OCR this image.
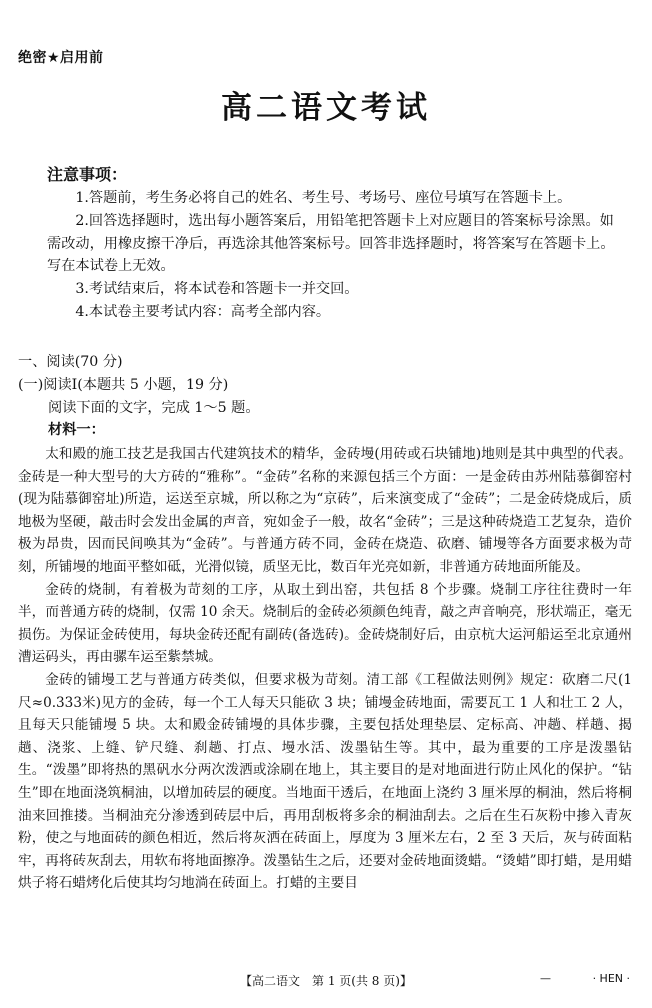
绝密★启用前
高二语文考试
注意事项：

1.答题前，考生务必将自己的姓名、考生号、考场号、座位号填写在答题卡上。

2.回答选择题时，选出每小题答案后，用铅笔把答题卡上对应题目的答案标号涂黑。如需改动，用橡皮擦干净后，再选涂其他答案标号。回答非选择题时，将答案写在答题卡上。写在本试卷上无效。

3.考试结束后，将本试卷和答题卡一并交回。

4.本试卷主要考试内容：高考全部内容。

一、阅读(70 分)

(一)阅读Ⅰ(本题共 5 小题，19 分)

阅读下面的文字，完成 1～5 题。

材料一：

太和殿的施工技艺是我国古代建筑技术的精华，金砖墁(用砖或石块铺地)地则是其中典型的代表。金砖是一种大型号的大方砖的“雅称”。“金砖”名称的来源包括三个方面：一是金砖由苏州陆慕御窑村(现为陆慕御窑址)所造，运送至京城，所以称之为“京砖”，后来演变成了“金砖”；二是金砖烧成后，质地极为坚硬，敲击时会发出金属的声音，宛如金子一般，故名“金砖”；三是这种砖烧造工艺复杂，造价极为昂贵，因而民间唤其为“金砖”。与普通方砖不同，金砖在烧造、砍磨、铺墁等各方面要求极为苛刻，所铺墁的地面平整如砥，光滑似镜，质坚无比，数百年光亮如新，非普通方砖地面所能及。

金砖的烧制，有着极为苛刻的工序，从取土到出窑，共包括 8 个步骤。烧制工序往往费时一年半，而普通方砖的烧制，仅需 10 余天。烧制后的金砖必须颜色纯青，敲之声音响亮，形状端正，毫无损伤。为保证金砖使用，每块金砖还配有副砖(备选砖)。金砖烧制好后，由京杭大运河船运至北京通州漕运码头，再由骡车运至紫禁城。

金砖的铺墁工艺与普通方砖类似，但要求极为苛刻。清工部《工程做法则例》规定：砍磨二尺(1 尺≈0.333米)见方的金砖，每一个工人每天只能砍 3 块；铺墁金砖地面，需要瓦工 1 人和壮工 2 人，且每天只能铺墁 5 块。太和殿金砖铺墁的具体步骤，主要包括处理垫层、定标高、冲趟、样趟、揭趟、浇浆、上缝、铲尺缝、刹趟、打点、墁水活、泼墨钻生等。其中，最为重要的工序是泼墨钻生。“泼墨”即将热的黑矾水分两次泼洒或涂刷在地上，其主要目的是对地面进行防止风化的保护。“钻生”即在地面浇筑桐油，以增加砖层的硬度。当地面干透后，在地面上浇约 3 厘米厚的桐油，然后将桐油来回推搂。当桐油充分渗透到砖层中后，再用刮板将多余的桐油刮去。之后在生石灰粉中掺入青灰粉，使之与地面砖的颜色相近，然后将灰洒在砖面上，厚度为 3 厘米左右，2 至 3 天后，灰与砖面粘牢，再将砖灰刮去，用软布将地面擦净。泼墨钻生之后，还要对金砖地面烫蜡。“烫蜡”即打蜡，是用蜡烘子将石蜡烤化后使其均匀地淌在砖面上。打蜡的主要目

【高二语文　第 1 页(共 8 页)】	—	· HEN ·
